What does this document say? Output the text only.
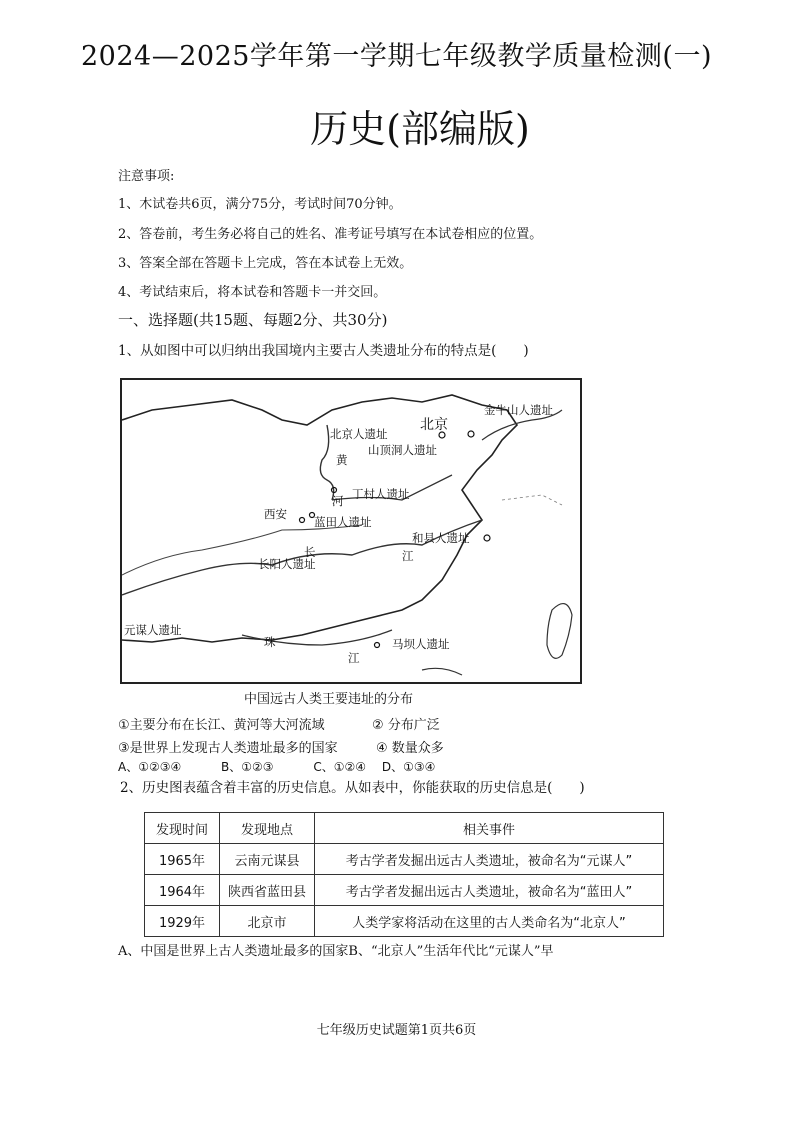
2024—2025学年第一学期七年级教学质量检测(一)
历史(部编版)
注意事项:
1、木试卷共6页，满分75分，考试时间70分钟。
2、答卷前，考生务必将自己的姓名、准考证号填写在本试卷相应的位置。
3、答案全部在答题卡上完成，答在本试卷上无效。
4、考试结束后，将本试卷和答题卡一并交回。
一、选择题(共15题、每题2分、共30分)
1、从如图中可以归纳出我国境内主要古人类遗址分布的特点是(　　)
北京
金牛山人遗址
北京人遗址
山顶洞人遗址
黄
河 丁村人遗址
西安
蓝田人遗址
和县人遗址
长	江
长阳人遗址
元谋人遗址
珠
江
马坝人遗址
中国远古人类王要违址的分布
①主要分布在长江、黄河等大河流域	② 分布广泛
③是世界上发现古人类遗址最多的国家	④ 数量众多
A、①②③④　　　 B、①②③　　　 C、①②④　 D、①③④
2、历史图表蕴含着丰富的历史信息。从如表中，你能获取的历史信息是(　　)
发现时间	发现地点	相关事件
1965年	云南元谋县	考古学者发掘出远古人类遗址，被命名为“元谋人”
1964年	陕西省蓝田县	考古学者发掘出远古人类遗址，被命名为“蓝田人”
1929年	北京市	人类学家将活动在这里的古人类命名为“北京人”
A、中国是世界上古人类遗址最多的国家B、“北京人”生活年代比“元谋人”早
七年级历史试题第1页共6页
